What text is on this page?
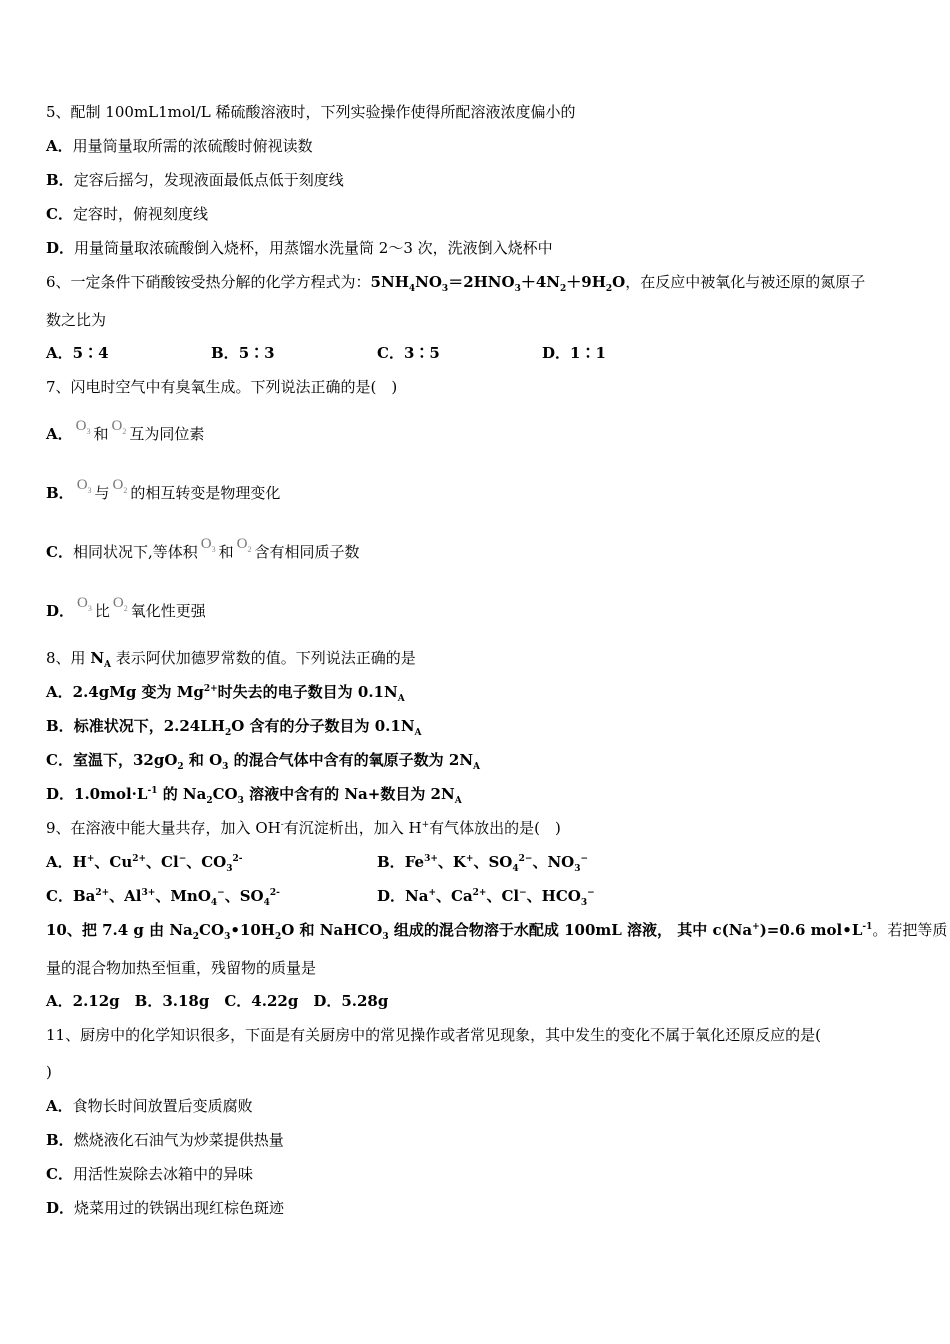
5、配制 100mL1mol/L 稀硫酸溶液时，下列实验操作使得所配溶液浓度偏小的
A．用量筒量取所需的浓硫酸时俯视读数
B．定容后摇匀，发现液面最低点低于刻度线
C．定容时，俯视刻度线
D．用量筒量取浓硫酸倒入烧杯，用蒸馏水洗量筒 2～3 次，洗液倒入烧杯中
6、一定条件下硝酸铵受热分解的化学方程式为：$5NH_4NO_3=2HNO_3+4N_2+9H_2O$，在反应中被氧化与被还原的氮原子
数之比为
A．5∶4	B．5∶3	C．3∶5	D．1∶1
7、闪电时空气中有臭氧生成。下列说法正确的是(　)
A． $O_3$ 和 $O_2$ 互为同位素
B． $O_3$ 与 $O_2$ 的相互转变是物理变化
C．相同状况下,等体积 $O_3$ 和 $O_2$ 含有相同质子数
D． $O_3$ 比 $O_2$ 氧化性更强
8、用 $N_A$ 表示阿伏加德罗常数的值。下列说法正确的是
A．2.4gMg 变为 $Mg^{2+}$时失去的电子数目为 $0.1N_A$
B．标准状况下，$2.24LH_2O$ 含有的分子数目为 $0.1N_A$
C．室温下，$32gO_2$ 和 $O_3$ 的混合气体中含有的氧原子数为 $2N_A$
D．$1.0mol\cdot L^{-1}$ 的 $Na_2CO_3$ 溶液中含有的 Na+数目为 $2N_A$
9、在溶液中能大量共存，加入 OH-有沉淀析出，加入 H+有气体放出的是(　)
A．H+、$Cu^{2+}$、Cl−、$CO_3^{2-}$	B．$Fe^{3+}$、K+、$SO_4^{2-}$、$NO_3^-$
C．$Ba^{2+}$、$Al^{3+}$、MnO$_4$−、$SO_4^{2-}$	D．Na+、$Ca^{2+}$、Cl−、$HCO_3^-$
10、把 7.4 g 由 $Na_2CO_3•10H_2O$ 和 NaHCO$_3$ 组成的混合物溶于水配成 100mL 溶液， 其中 c(Na+)=0.6 $mol•L^{-1}$。若把等质
量的混合物加热至恒重，残留物的质量是
A．2.12g　B．3.18g　C．4.22g　D．5.28g
11、厨房中的化学知识很多，下面是有关厨房中的常见操作或者常见现象，其中发生的变化不属于氧化还原反应的是(
)
A．食物长时间放置后变质腐败
B．燃烧液化石油气为炒菜提供热量
C．用活性炭除去冰箱中的异味
D．烧菜用过的铁锅出现红棕色斑迹
